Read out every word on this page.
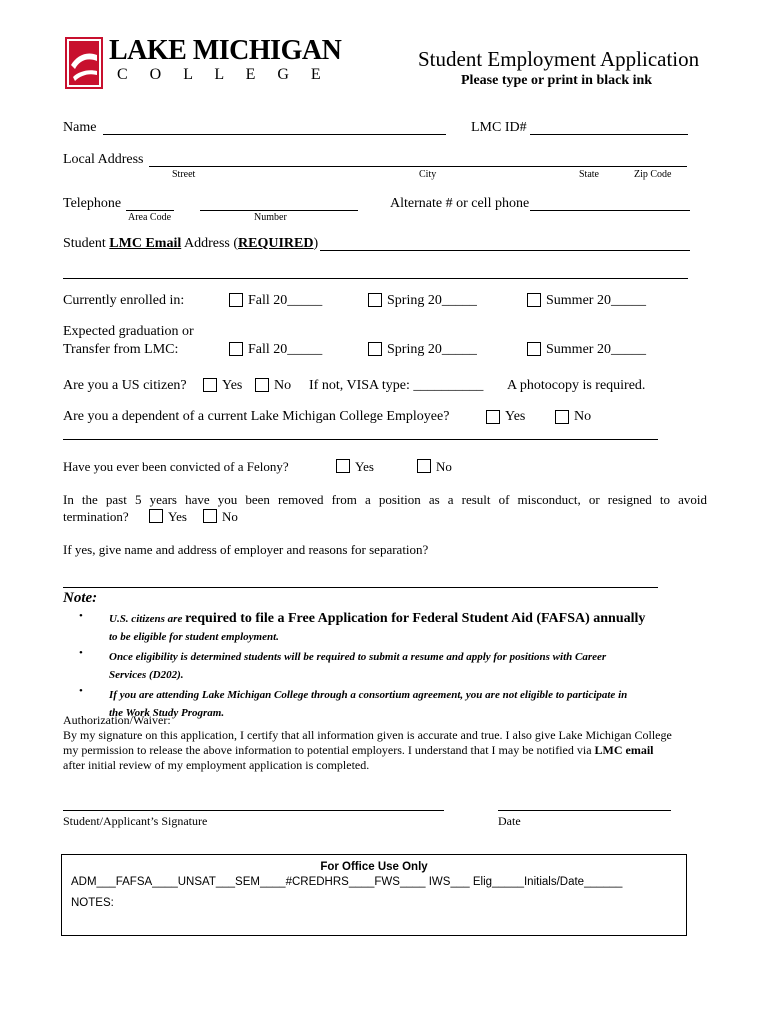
LAKE MICHIGAN
C O L L E G E
Student Employment Application
Please type or print in black ink
Name	LMC ID#
Local Address
Street	City	State	Zip Code
Telephone
Area Code	Number
Alternate # or cell phone
Student LMC Email Address (REQUIRED)
Currently enrolled in:	Fall 20_____	Spring 20_____	Summer 20_____
Expected graduation or
Transfer from LMC:	Fall 20_____	Spring 20_____	Summer 20_____
Are you a US citizen?	Yes No If not, VISA type: __________ A photocopy is required.
Are you a dependent of a current Lake Michigan College Employee?	Yes	No
Have you ever been convicted of a Felony?	Yes	No
In the past 5 years have you been removed from a position as a result of misconduct, or resigned to avoid
termination?	Yes	No
If yes, give name and address of employer and reasons for separation?
Note:
• U.S. citizens are required to file a Free Application for Federal Student Aid (FAFSA) annually
to be eligible for student employment.
• Once eligibility is determined students will be required to submit a resume and apply for positions with Career
Services (D202).
• If you are attending Lake Michigan College through a consortium agreement, you are not eligible to participate in
the Work Study Program.
Authorization/Waiver:
By my signature on this application, I certify that all information given is accurate and true. I also give Lake Michigan College
my permission to release the above information to potential employers. I understand that I may be notified via LMC email
after initial review of my employment application is completed.
Student/Applicant’s Signature	Date
For Office Use Only
ADM___FAFSA____UNSAT___SEM____#CREDHRS____FWS____ IWS___ Elig_____Initials/Date______
NOTES:
